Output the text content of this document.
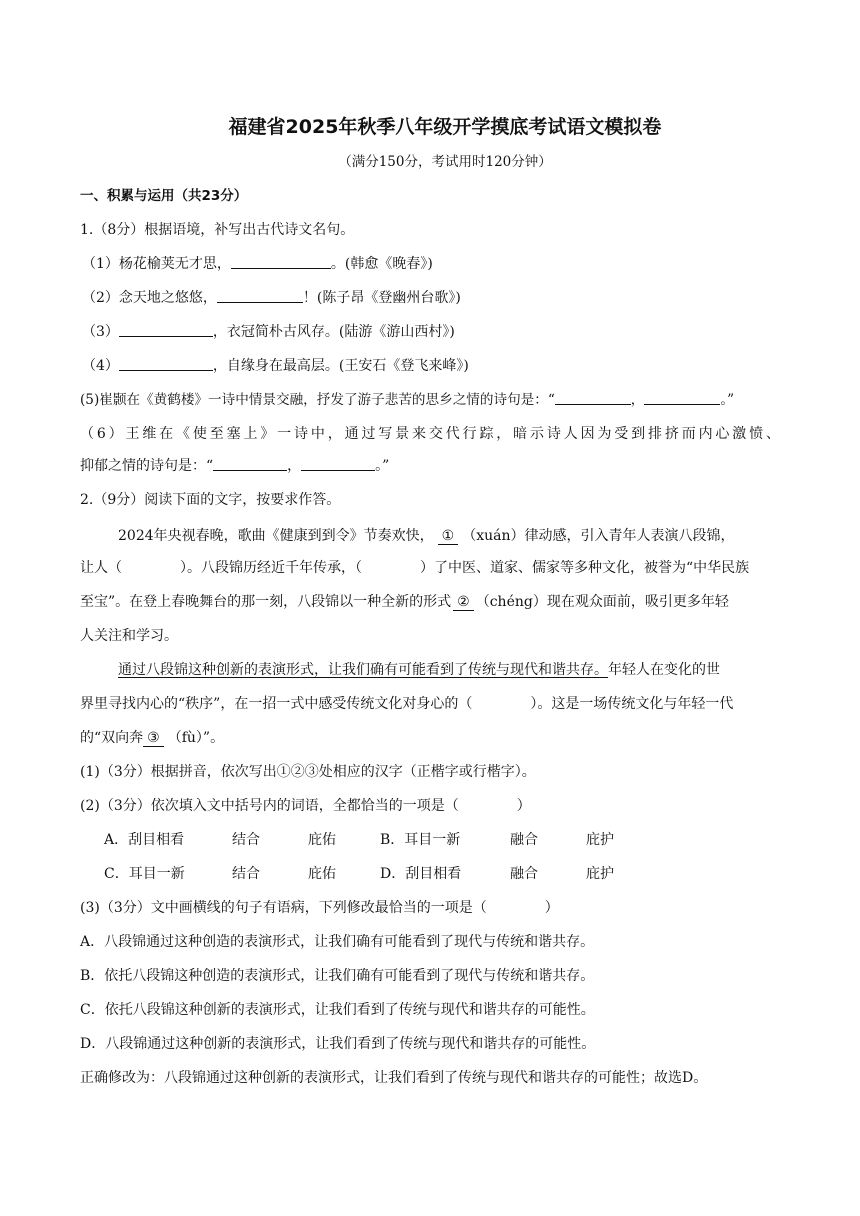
福建省2025年秋季八年级开学摸底考试语文模拟卷
（满分150分，考试用时120分钟）
一、积累与运用（共23分）
1.（8分）根据语境，补写出古代诗文名句。
（1）杨花榆荚无才思，	。(韩愈《晚春》)
（2）念天地之悠悠，	！(陈子昂《登幽州台歌》)
（3）	，衣冠简朴古风存。(陆游《游山西村》)
（4）	，自缘身在最高层。(王安石《登飞来峰》)
(5)崔颢在《黄鹤楼》一诗中情景交融，抒发了游子悲苦的思乡之情的诗句是：“	，	。”
（6）王维在《使至塞上》一诗中，通过写景来交代行踪，暗示诗人因为受到排挤而内心激愤、
抑郁之情的诗句是：“	，	。”
2.（9分）阅读下面的文字，按要求作答。
2024年央视春晚，歌曲《健康到到令》节奏欢快， ① （xuán）律动感，引入青年人表演八段锦，
让人（	）。八段锦历经近千年传承，（	）了中医、道家、儒家等多种文化，被誉为“中华民族
至宝”。在登上春晚舞台的那一刻，八段锦以一种全新的形式 ② （chéng）现在观众面前，吸引更多年轻
人关注和学习。
通过八段锦这种创新的表演形式，让我们确有可能看到了传统与现代和谐共存。年轻人在变化的世
界里寻找内心的“秩序”，在一招一式中感受传统文化对身心的（	）。这是一场传统文化与年轻一代
的“双向奔 ③ （fù）”。
(1)（3分）根据拼音，依次写出①②③处相应的汉字（正楷字或行楷字）。
(2)（3分）依次填入文中括号内的词语，全都恰当的一项是（	）
A．刮目相看	结合	庇佑	B．耳目一新	融合	庇护
C．耳目一新	结合	庇佑	D．刮目相看	融合	庇护
(3)（3分）文中画横线的句子有语病，下列修改最恰当的一项是（	）
A．八段锦通过这种创造的表演形式，让我们确有可能看到了现代与传统和谐共存。
B．依托八段锦这种创造的表演形式，让我们确有可能看到了现代与传统和谐共存。
C．依托八段锦这种创新的表演形式，让我们看到了传统与现代和谐共存的可能性。
D．八段锦通过这种创新的表演形式，让我们看到了传统与现代和谐共存的可能性。
正确修改为：八段锦通过这种创新的表演形式，让我们看到了传统与现代和谐共存的可能性；故选D。
